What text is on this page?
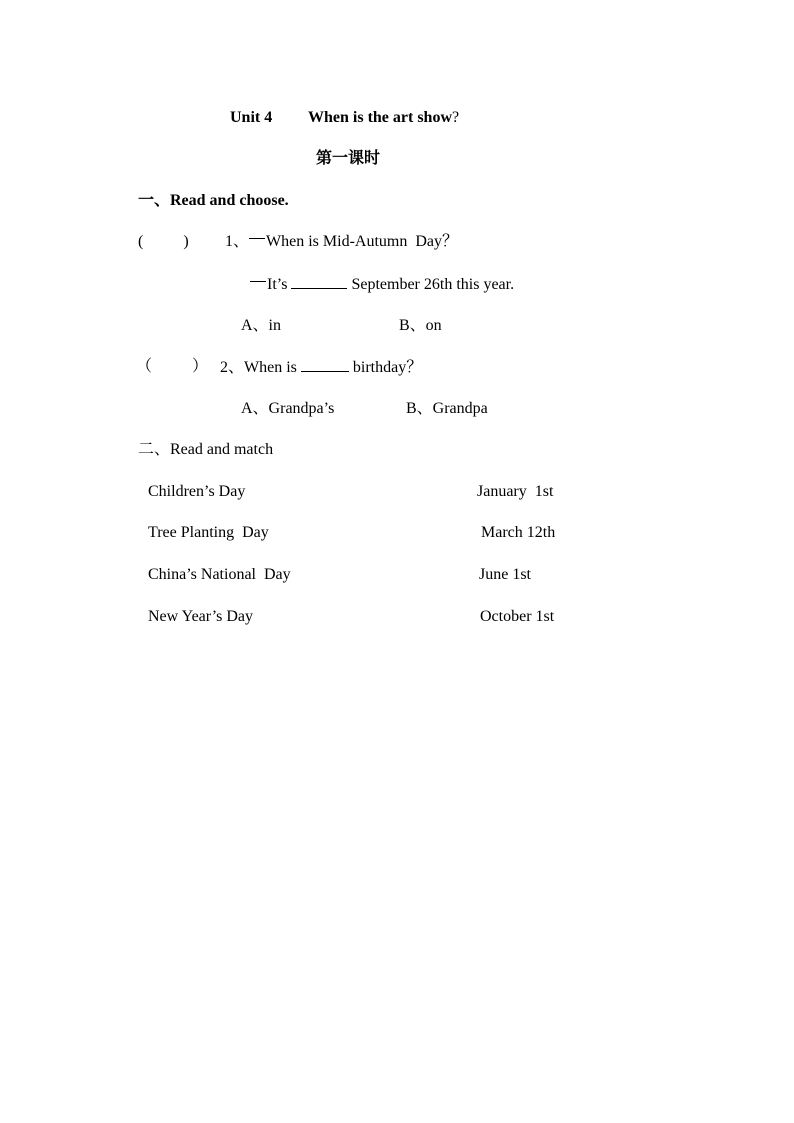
Unit 4 When is the art show?
第一课时
一、Read and choose.
(          ) 1、 When is Mid-Autumn  Day？
It’s	September 26th this year.
A、in	B、on
（          ） 2、When is	birthday？
A、Grandpa’s	B、Grandpa
二、Read and match
Children’s Day	January  1st
Tree Planting  Day	March 12th
China’s National  Day	June 1st
New Year’s Day	October 1st
